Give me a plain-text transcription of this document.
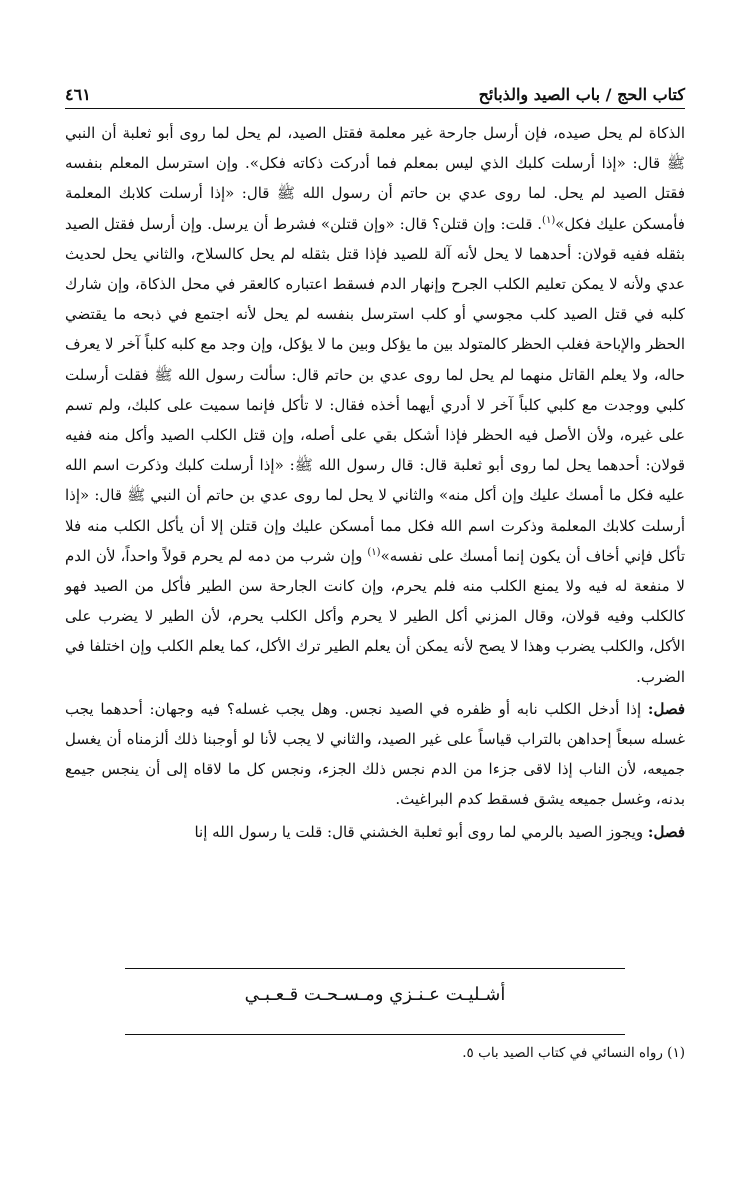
كتاب الحج / باب الصيد والذبائح
٤٦١

الذكاة لم يحل صيده، فإن أرسل جارحة غير معلمة فقتل الصيد، لم يحل لما روى أبو ثعلبة أن النبي ﷺ قال: «إذا أرسلت كلبك الذي ليس بمعلم فما أدركت ذكاته فكل». وإن استرسل المعلم بنفسه فقتل الصيد لم يحل. لما روى عدي بن حاتم أن رسول الله ﷺ قال: «إذا أرسلت كلابك المعلمة فأمسكن عليك فكل»$^{(١)}$. قلت: وإن قتلن؟ قال: «وإن قتلن» فشرط أن يرسل. وإن أرسل فقتل الصيد بثقله ففيه قولان: أحدهما لا يحل لأنه آلة للصيد فإذا قتل بثقله لم يحل كالسلاح، والثاني يحل لحديث عدي ولأنه لا يمكن تعليم الكلب الجرح وإنهار الدم فسقط اعتباره كالعقر في محل الذكاة، وإن شارك كلبه في قتل الصيد كلب مجوسي أو كلب استرسل بنفسه لم يحل لأنه اجتمع في ذبحه ما يقتضي الحظر والإباحة فغلب الحظر كالمتولد بين ما يؤكل وبين ما لا يؤكل، وإن وجد مع كلبه كلباً آخر لا يعرف حاله، ولا يعلم القاتل منهما لم يحل لما روى عدي بن حاتم قال: سألت رسول الله ﷺ فقلت أرسلت كلبي ووجدت مع كلبي كلباً آخر لا أدري أيهما أخذه فقال: لا تأكل فإنما سميت على كلبك، ولم تسم على غيره، ولأن الأصل فيه الحظر فإذا أشكل بقي على أصله، وإن قتل الكلب الصيد وأكل منه ففيه قولان: أحدهما يحل لما روى أبو ثعلبة قال: قال رسول الله ﷺ: «إذا أرسلت كلبك وذكرت اسم الله عليه فكل ما أمسك عليك وإن أكل منه» والثاني لا يحل لما روى عدي بن حاتم أن النبي ﷺ قال: «إذا أرسلت كلابك المعلمة وذكرت اسم الله فكل مما أمسكن عليك وإن قتلن إلا أن يأكل الكلب منه فلا تأكل فإني أخاف أن يكون إنما أمسك على نفسه»$^{(١)}$ وإن شرب من دمه لم يحرم قولاً واحداً، لأن الدم لا منفعة له فيه ولا يمنع الكلب منه فلم يحرم، وإن كانت الجارحة سن الطير فأكل من الصيد فهو كالكلب وفيه قولان، وقال المزني أكل الطير لا يحرم وأكل الكلب يحرم، لأن الطير لا يضرب على الأكل، والكلب يضرب وهذا لا يصح لأنه يمكن أن يعلم الطير ترك الأكل، كما يعلم الكلب وإن اختلفا في الضرب.

فصل: إذا أدخل الكلب نابه أو ظفره في الصيد نجس. وهل يجب غسله؟ فيه وجهان: أحدهما يجب غسله سبعاً إحداهن بالتراب قياساً على غير الصيد، والثاني لا يجب لأنا لو أوجبنا ذلك ألزمناه أن يغسل جميعه، لأن الناب إذا لاقى جزءا من الدم نجس ذلك الجزء، ونجس كل ما لاقاه إلى أن ينجس جيمع بدنه، وغسل جميعه يشق فسقط كدم البراغيث.

فصل: ويجوز الصيد بالرمي لما روى أبو ثعلبة الخشني قال: قلت يا رسول الله إنا

أشـليـت عـنـزي ومـسـحـت قـعـبـي
(١) رواه النسائي في كتاب الصيد باب ٥.
